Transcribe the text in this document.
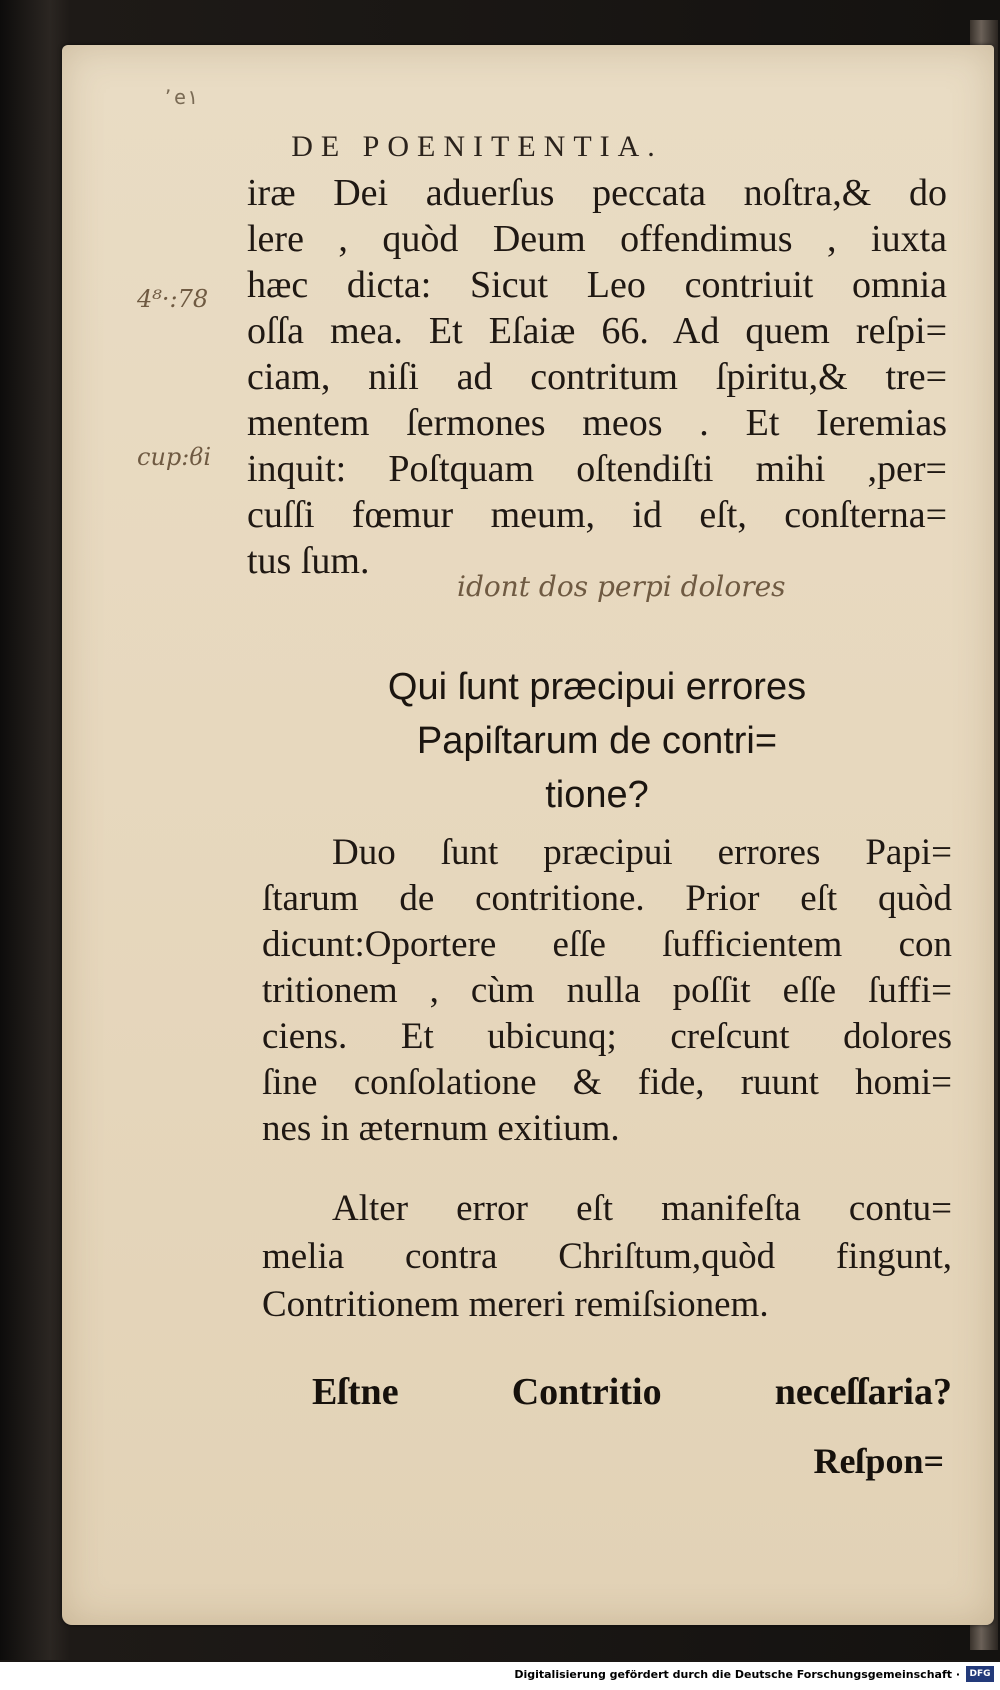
٬e١
DE POENITENTIA.
4⁸·:78
cup:ϐi
iræ Dei aduerſus peccata noſtra,& do
lere , quòd Deum offendimus , iuxta
hæc dicta: Sicut Leo contriuit omnia
oſſa mea. Et Eſaiæ 66. Ad quem reſpi=
ciam, niſi ad contritum ſpiritu,& tre=
mentem ſermones meos . Et Ieremias
inquit: Poſtquam oſtendiſti mihi ,per=
cuſſi fœmur meum, id eſt, conſterna=
tus ſum.
idont dos perpi dolores
Qui ſunt præcipui errores
Papiſtarum de contri=
tione?
Duo ſunt præcipui errores Papi=
ſtarum de contritione. Prior eſt quòd
dicunt:Oportere eſſe ſufficientem con
tritionem , cùm nulla poſſit eſſe ſuffi=
ciens. Et ubicunq; creſcunt dolores
ſine conſolatione & fide, ruunt homi=
nes in æternum exitium.
Alter error eſt manifeſta contu=
melia contra Chriſtum,quòd fingunt,
Contritionem mereri remiſsionem.
Eſtne Contritio neceſſaria?
Reſpon=
Digitalisierung gefördert durch die Deutsche Forschungsgemeinschaft ·	DFG
